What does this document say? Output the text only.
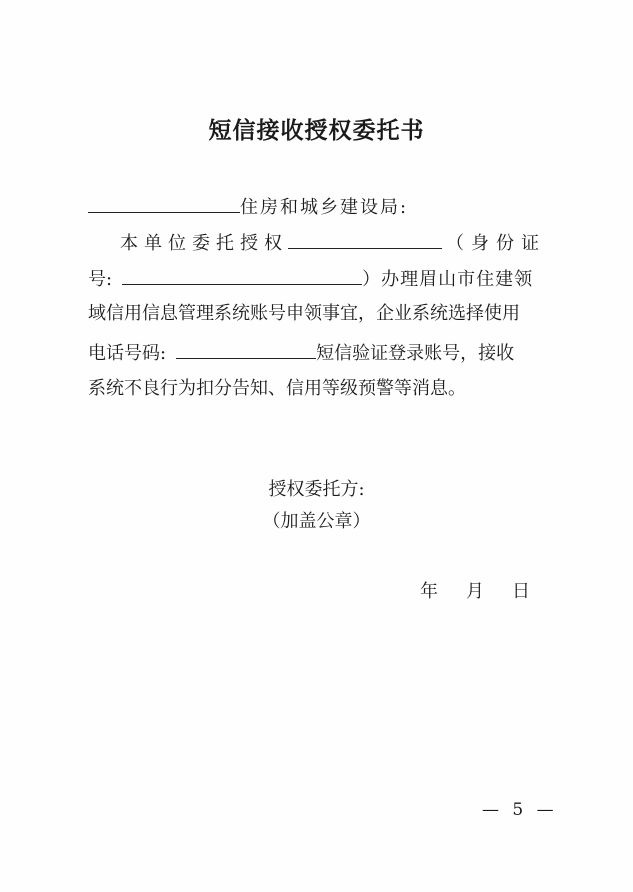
短信接收授权委托书
住房和城乡建设局:
本单位委托授权	（身份证
号:	）办理眉山市住建领
域信用信息管理系统账号申领事宜，企业系统选择使用
电话号码:	短信验证登录账号，接收
系统不良行为扣分告知、信用等级预警等消息。
授权委托方:
（加盖公章）
年 月 日
— 5 —
